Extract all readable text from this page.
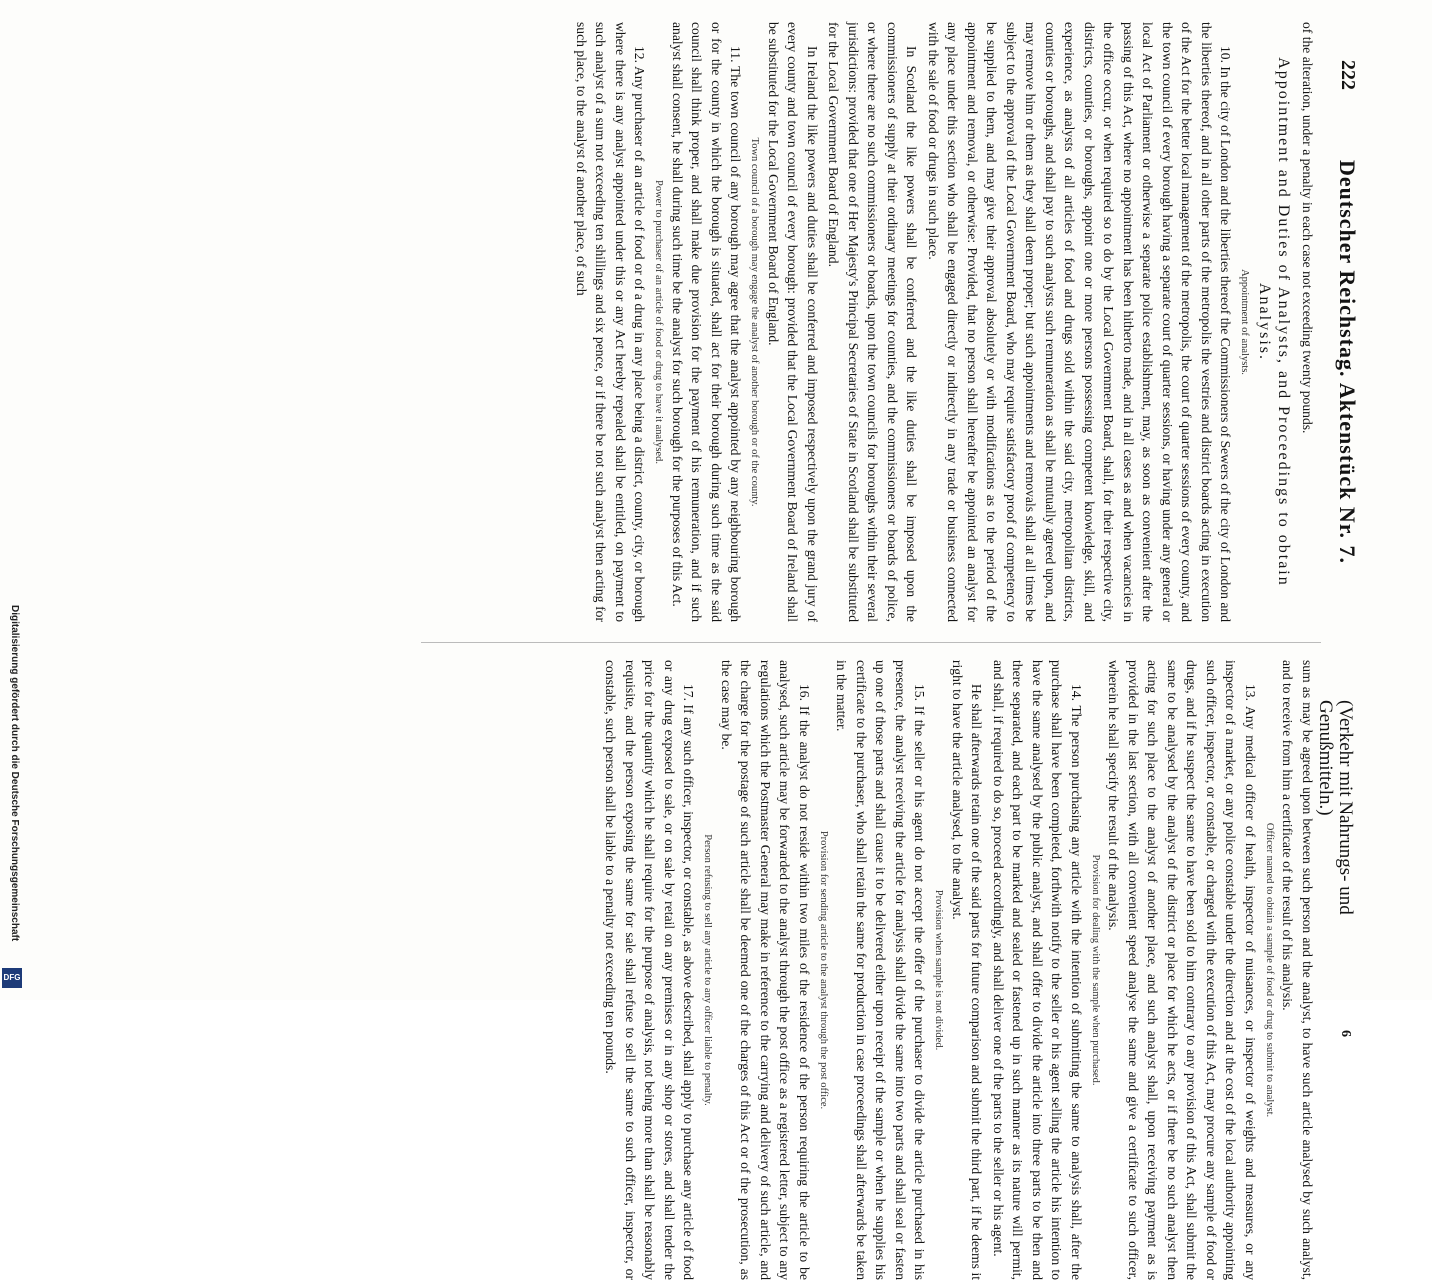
222
Deutscher Reichstag. Aktenstück Nr. 7.
(Verkehr mit Nahrungs- und Genußmitteln.)
6

of the alteration, under a penalty in each case not exceeding twenty pounds.

Appointment and Duties of Analysts, and Proceedings to obtain Analysis.
Appointment of analysts.

10. In the city of London and the liberties thereof the Commissioners of Sewers of the city of London and the liberties thereof, and in all other parts of the metropolis the vestries and district boards acting in execution of the Act for the better local management of the metropolis, the court of quarter sessions of every county, and the town council of every borough having a separate court of quarter sessions, or having under any general or local Act of Parliament or otherwise a separate police establishment, may, as soon as convenient after the passing of this Act, where no appointment has been hitherto made, and in all cases as and when vacancies in the office occur, or when required so to do by the Local Government Board, shall, for their respective city, districts, counties, or boroughs, appoint one or more persons possessing competent knowledge, skill, and experience, as analysts of all articles of food and drugs sold within the said city, metropolitan districts, counties or boroughs, and shall pay to such analysts such remuneration as shall be mutually agreed upon, and may remove him or them as they shall deem proper; but such appointments and removals shall at all times be subject to the approval of the Local Government Board, who may require satisfactory proof of competency to be supplied to them, and may give their approval absolutely or with modifications as to the period of the appointment and removal, or otherwise: Provided, that no person shall hereafter be appointed an analyst for any place under this section who shall be engaged directly or indirectly in any trade or business connected with the sale of food or drugs in such place.

In Scotland the like powers shall be conferred and the like duties shall be imposed upon the commissioners of supply at their ordinary meetings for counties, and the commissioners or boards of police, or where there are no such commissioners or boards, upon the town councils for boroughs within their several jurisdictions: provided that one of Her Majesty's Principal Secretaries of State in Scotland shall be substituted for the Local Government Board of England.

In Ireland the like powers and duties shall be conferred and imposed respectively upon the grand jury of every county and town council of every borough: provided that the Local Government Board of Ireland shall be substituted for the Local Government Board of England.

Town council of a borough may engage the analyst of another borough or of the county.

11. The town council of any borough may agree that the analyst appointed by any neighbouring borough or for the county in which the borough is situated, shall act for their borough during such time as the said council shall think proper, and shall make due provision for the payment of his remuneration, and if such analyst shall consent, he shall during such time be the analyst for such borough for the purposes of this Act.

Power to purchaser of an article of food or drug to have it analysed.

12. Any purchaser of an article of food or of a drug in any place being a district, county, city, or borough where there is any analyst appointed under this or any Act hereby repealed shall be entitled, on payment to such analyst of a sum not exceeding ten shillings and six pence, or if there be not such analyst then acting for such place, to the analyst of another place, of such

sum as may be agreed upon between such person and the analyst, to have such article analysed by such analyst, and to receive from him a certificate of the result of his analysis.

Officer named to obtain a sample of food or drug to submit to analyst.

13. Any medical officer of health, inspector of nuisances, or inspector of weights and measures, or any inspector of a market, or any police constable under the direction and at the cost of the local authority appointing such officer, inspector, or constable, or charged with the execution of this Act, may procure any sample of food or drugs, and if he suspect the same to have been sold to him contrary to any provision of this Act, shall submit the same to be analysed by the analyst of the district or place for which he acts, or if there be no such analyst then acting for such place to the analyst of another place, and such analyst shall, upon receiving payment as is provided in the last section, with all convenient speed analyse the same and give a certificate to such officer, wherein he shall specify the result of the analysis.

Provision for dealing with the sample when purchased.

14. The person purchasing any article with the intention of submitting the same to analysis shall, after the purchase shall have been completed, forthwith notify to the seller or his agent selling the article his intention to have the same analysed by the public analyst, and shall offer to divide the article into three parts to be then and there separated, and each part to be marked and sealed or fastened up in such manner as its nature will permit, and shall, if required to do so, proceed accordingly, and shall deliver one of the parts to the seller or his agent.

He shall afterwards retain one of the said parts for future comparison and submit the third part, if he deems it right to have the article analysed, to the analyst.

Provision when sample is not divided.

15. If the seller or his agent do not accept the offer of the purchaser to divide the article purchased in his presence, the analyst receiving the article for analysis shall divide the same into two parts and shall seal or fasten up one of those parts and shall cause it to be delivered either upon receipt of the sample or when he supplies his certificate to the purchaser, who shall retain the same for production in case proceedings shall afterwards be taken in the matter.

Provision for sending article to the analyst through the post office.

16. If the analyst do not reside within two miles of the residence of the person requiring the article to be analysed, such article may be forwarded to the analyst through the post office as a registered letter, subject to any regulations which the Postmaster General may make in reference to the carrying and delivery of such article, and the charge for the postage of such article shall be deemed one of the charges of this Act or of the prosecution, as the case may be.

Person refusing to sell any article to any officer liable to penalty.

17. If any such officer, inspector, or constable, as above described, shall apply to purchase any article of food or any drug exposed to sale, or on sale by retail on any premises or in any shop or stores, and shall tender the price for the quantity which he shall require for the purpose of analysis, not being more than shall be reasonably requisite, and the person exposing the same for sale shall refuse to sell the same to such officer, inspector, or constable, such person shall be liable to a penalty not exceeding ten pounds.

Digitalisierung gefördert durch die Deutsche Forschungsgemeinschaft
DFG
